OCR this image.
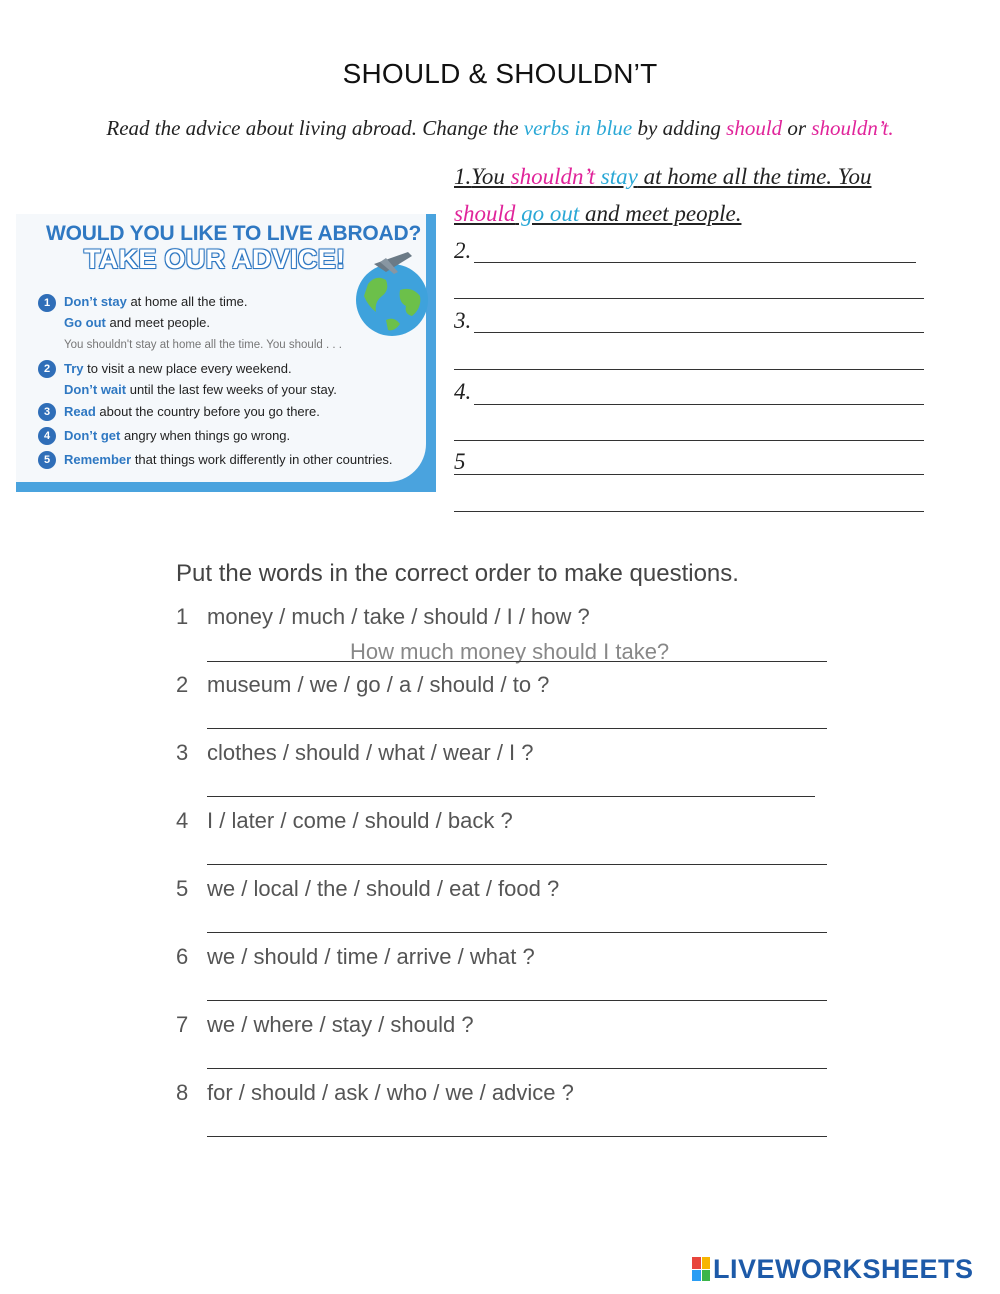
SHOULD & SHOULDN’T
Read the advice about living abroad. Change the verbs in blue by adding should or shouldn’t.
WOULD YOU LIKE TO LIVE ABROAD?
TAKE OUR ADVICE!
1	Don’t stay at home all the time.
Go out and meet people.
You shouldn't stay at home all the time. You should . . .
2	Try to visit a new place every weekend.
Don’t wait until the last few weeks of your stay.
3	Read about the country before you go there.
4	Don’t get angry when things go wrong.
5	Remember that things work differently in other countries.
1.You shouldn’t stay at home all the time. You
should go out and meet people.
2.
3.
4.
5
Put the words in the correct order to make questions.
1 money / much / take / should / I / how ?
How much money should I take?
2 museum / we / go / a / should / to ?
3 clothes / should / what / wear / I ?
4 I / later / come / should / back ?
5 we / local / the / should / eat / food ?
6 we / should / time / arrive / what ?
7 we / where / stay / should ?
8 for / should / ask / who / we / advice ?
LIVEWORKSHEETS
